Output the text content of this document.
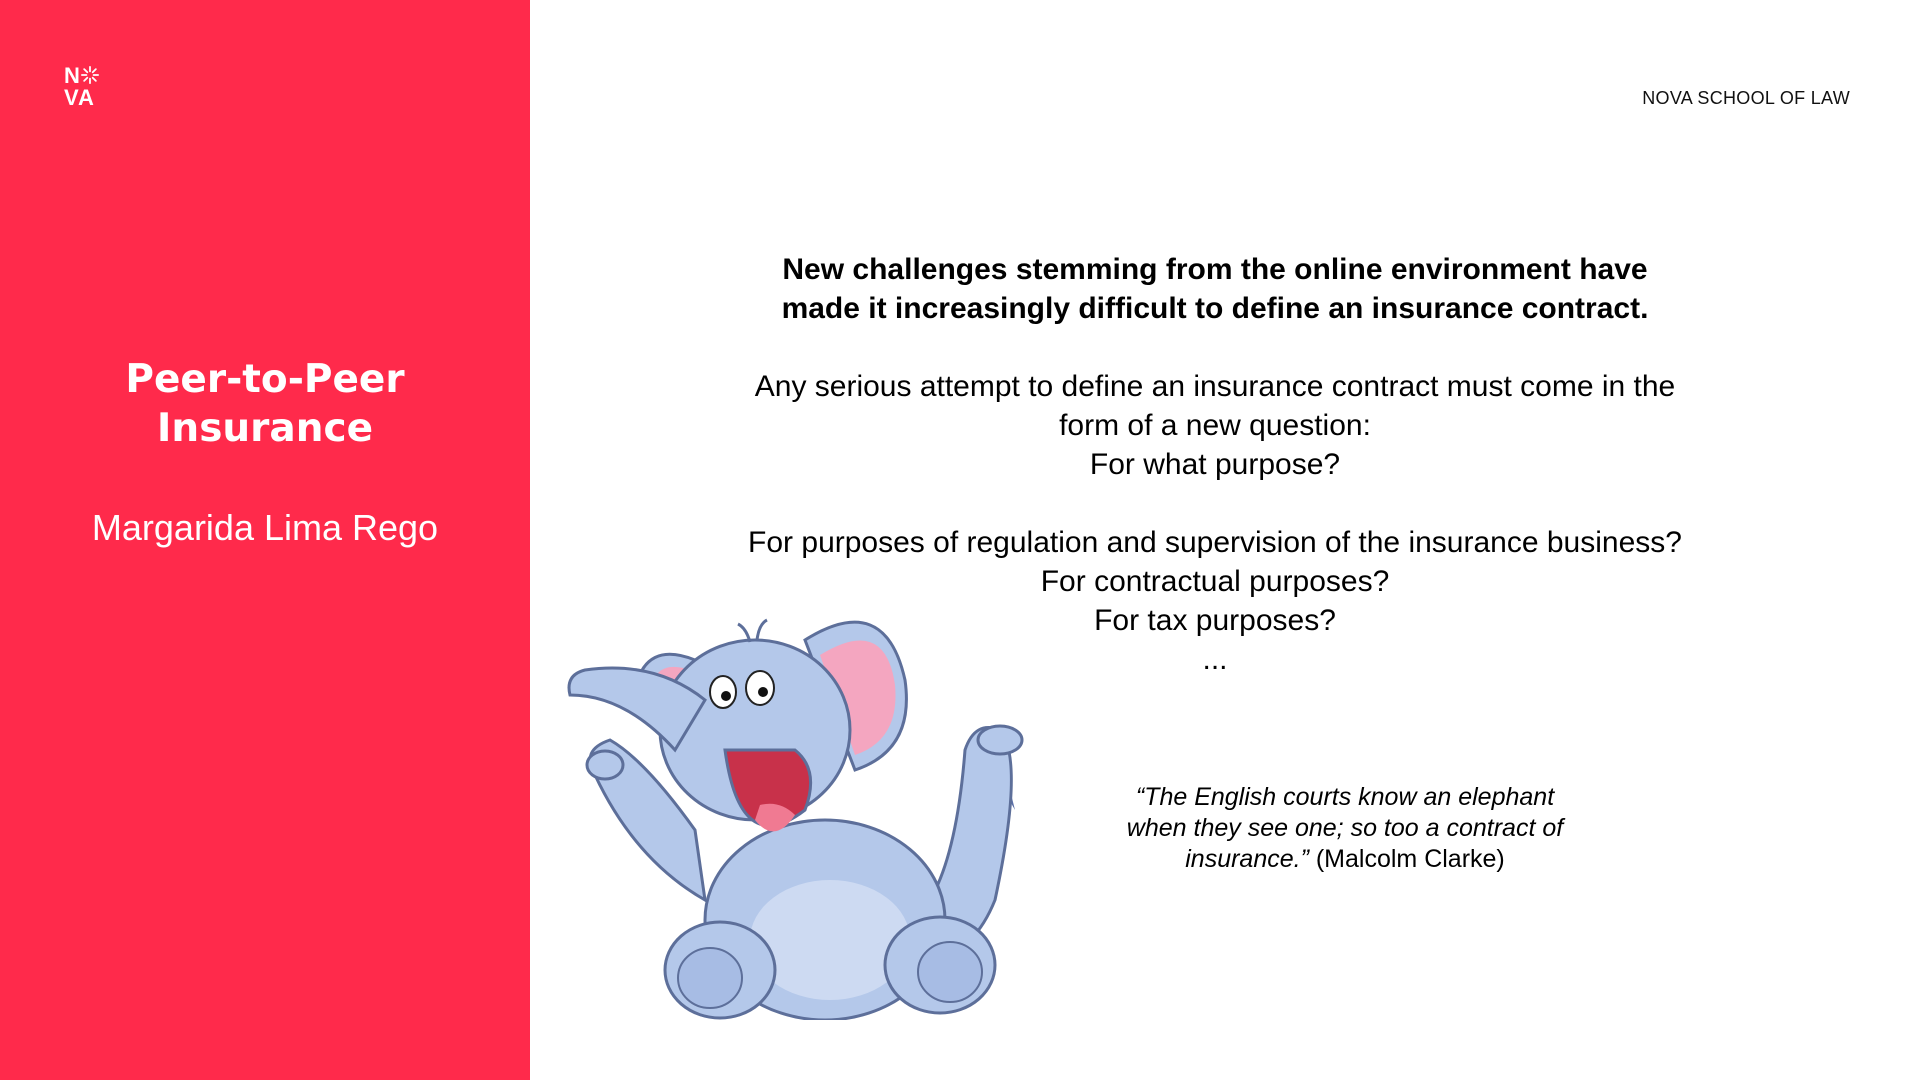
N
VA
Peer-to-Peer
Insurance
Margarida Lima Rego
NOVA SCHOOL OF LAW

New challenges stemming from the online environment have

made it increasingly difficult to define an insurance contract.

Any serious attempt to define an insurance contract must come in the

form of a new question:

For what purpose?

For purposes of regulation and supervision of the insurance business?

For contractual purposes?

For tax purposes?

...

“The English courts know an elephant
when they see one; so too a contract of
insurance.” (Malcolm Clarke)
